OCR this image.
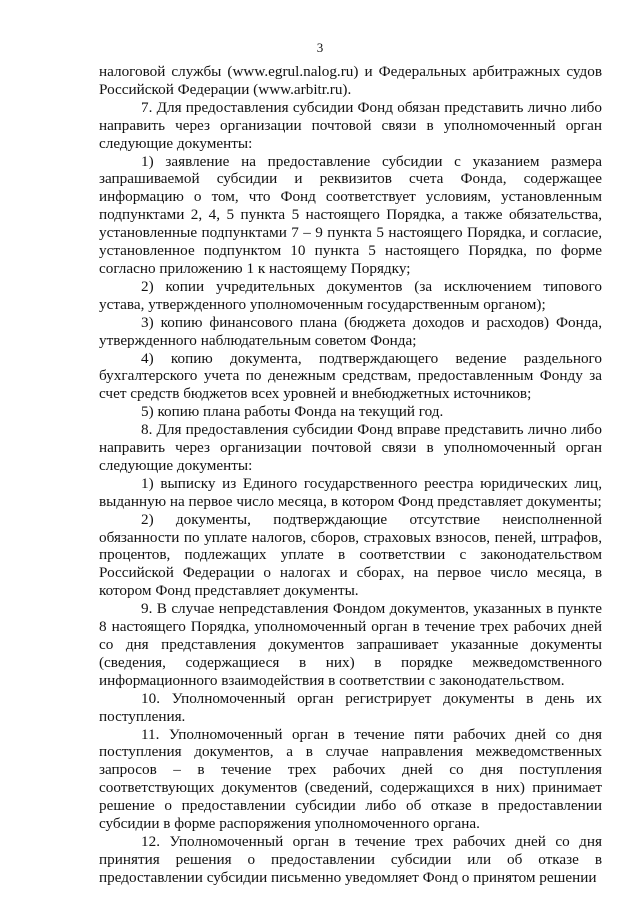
3

налоговой службы (www.egrul.nalog.ru) и Федеральных арбитражных судов Российской Федерации (www.arbitr.ru).

7. Для предоставления субсидии Фонд обязан представить лично либо направить через организации почтовой связи в уполномоченный орган следующие документы:

1) заявление на предоставление субсидии с указанием размера запрашиваемой субсидии и реквизитов счета Фонда, содержащее информацию о том, что Фонд соответствует условиям, установленным подпунктами 2, 4, 5 пункта 5 настоящего Порядка, а также обязательства, установленные подпунктами 7 – 9 пункта 5 настоящего Порядка, и согласие, установленное подпунктом 10 пункта 5 настоящего Порядка, по форме согласно приложению 1 к настоящему Порядку;

2) копии учредительных документов (за исключением типового устава, утвержденного уполномоченным государственным органом);

3) копию финансового плана (бюджета доходов и расходов) Фонда, утвержденного наблюдательным советом Фонда;

4) копию документа, подтверждающего ведение раздельного бухгалтерского учета по денежным средствам, предоставленным Фонду за счет средств бюджетов всех уровней и внебюджетных источников;

5) копию плана работы Фонда на текущий год.

8. Для предоставления субсидии Фонд вправе представить лично либо направить через организации почтовой связи в уполномоченный орган следующие документы:

1) выписку из Единого государственного реестра юридических лиц, выданную на первое число месяца, в котором Фонд представляет документы;

2) документы, подтверждающие отсутствие неисполненной обязанности по уплате налогов, сборов, страховых взносов, пеней, штрафов, процентов, подлежащих уплате в соответствии с законодательством Российской Федерации о налогах и сборах, на первое число месяца, в котором Фонд представляет документы.

9. В случае непредставления Фондом документов, указанных в пункте 8 настоящего Порядка, уполномоченный орган в течение трех рабочих дней со дня представления документов запрашивает указанные документы (сведения, содержащиеся в них) в порядке межведомственного информационного взаимодействия в соответствии с законодательством.

10. Уполномоченный орган регистрирует документы в день их поступления.

11. Уполномоченный орган в течение пяти рабочих дней со дня поступления документов, а в случае направления межведомственных запросов – в течение трех рабочих дней со дня поступления соответствующих документов (сведений, содержащихся в них) принимает решение о предоставлении субсидии либо об отказе в предоставлении субсидии в форме распоряжения уполномоченного органа.

12. Уполномоченный орган в течение трех рабочих дней со дня принятия решения о предоставлении субсидии или об отказе в предоставлении субсидии письменно уведомляет Фонд о принятом решении
